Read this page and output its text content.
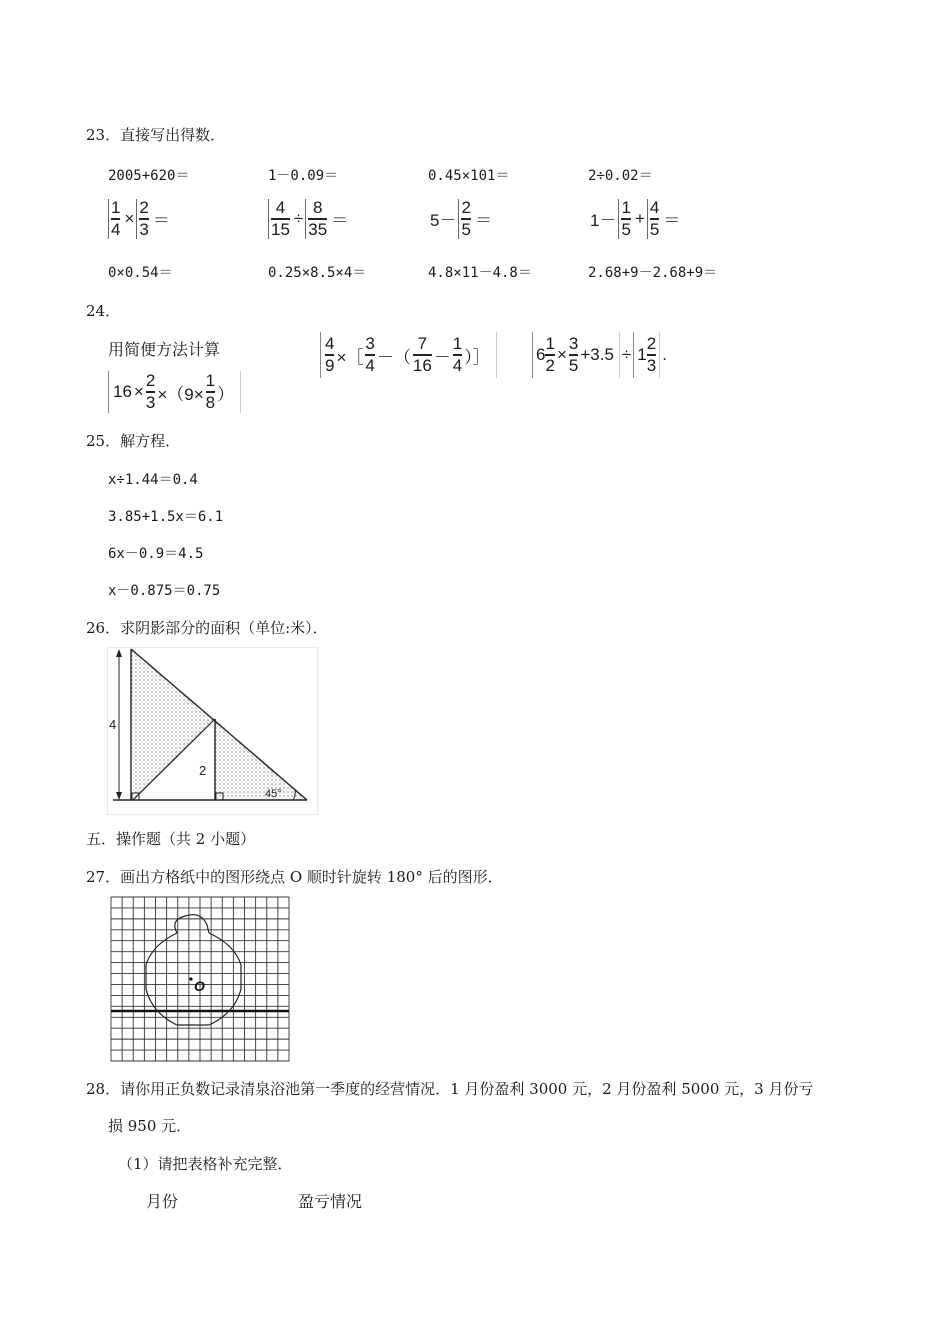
23．直接写出得数．
2005+620＝	1－0.09＝	0.45×101＝	2÷0.02＝
$\frac{1}{4} \times \frac{2}{3}$ ＝	$\frac{4}{15} \div \frac{8}{35}$ ＝	$5- \frac{2}{5}$ ＝	$1- \frac{1}{5} + \frac{4}{5}$ ＝
0×0.54＝	0.25×8.5×4＝	4.8×11－4.8＝	2.68+9－2.68+9＝
24．
用简便方法计算
$16 \times \frac{2}{3} \times(9\times \frac{1}{8}$ ）
$\frac{4}{9}$ ×［ $\frac{3}{4}$ －（ $\frac{7}{16} - \frac{1}{4}$ ）］	$6 \frac{1}{2} \times \frac{3}{5} +3.5 \div 1 \frac{2}{3}$ .
25．解方程．
x÷1.44＝0.4
3.85+1.5x＝6.1
6x－0.9＝4.5
x－0.875＝0.75
26．求阴影部分的面积（单位:米）．
4
2
45°
五．操作题（共 2 小题）
27．画出方格纸中的图形绕点 O 顺时针旋转 180° 后的图形．
O
28．请你用正负数记录清泉浴池第一季度的经营情况．1 月份盈利 3000 元，2 月份盈利 5000 元，3 月份亏
损 950 元．
（1）请把表格补充完整．
月份	盈亏情况
